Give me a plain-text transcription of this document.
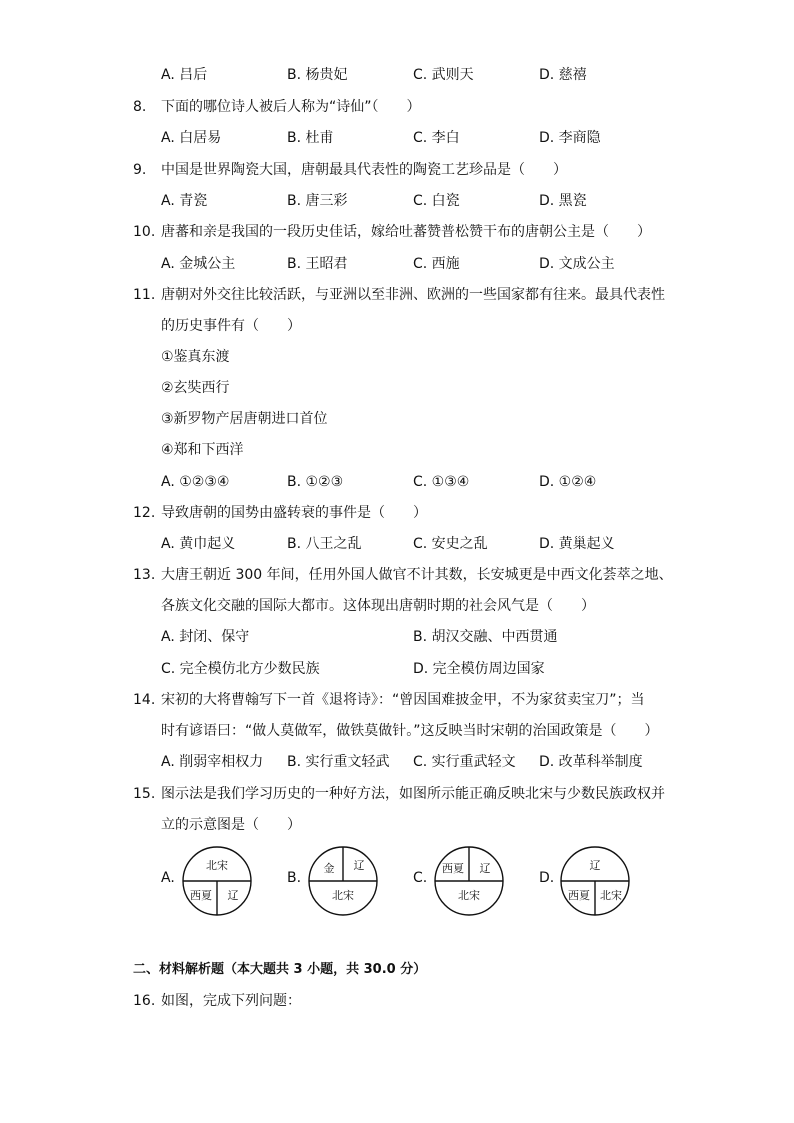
A. 吕后	B. 杨贵妃	C. 武则天	D. 慈禧
8. 下面的哪位诗人被后人称为“诗仙”（　　）
A. 白居易	B. 杜甫	C. 李白	D. 李商隐
9. 中国是世界陶瓷大国，唐朝最具代表性的陶瓷工艺珍品是（　　）
A. 青瓷	B. 唐三彩	C. 白瓷	D. 黑瓷
10. 唐蕃和亲是我国的一段历史佳话，嫁给吐蕃赞普松赞干布的唐朝公主是（　　）
A. 金城公主	B. 王昭君	C. 西施	D. 文成公主
11. 唐朝对外交往比较活跃，与亚洲以至非洲、欧洲的一些国家都有往来。最具代表性
的历史事件有（　　）
①鉴真东渡
②玄奘西行
③新罗物产居唐朝进口首位
④郑和下西洋
A. ①②③④	B. ①②③	C. ①③④	D. ①②④
12. 导致唐朝的国势由盛转衰的事件是（　　）
A. 黄巾起义	B. 八王之乱	C. 安史之乱	D. 黄巢起义
13. 大唐王朝近 300 年间，任用外国人做官不计其数，长安城更是中西文化荟萃之地、
各族文化交融的国际大都市。这体现出唐朝时期的社会风气是（　　）
A. 封闭、保守	B. 胡汉交融、中西贯通
C. 完全模仿北方少数民族	D. 完全模仿周边国家
14. 宋初的大将曹翰写下一首《退将诗》：“曾因国难披金甲，不为家贫卖宝刀”；当
时有谚语曰：“做人莫做军，做铁莫做针。”这反映当时宋朝的治国政策是（　　）
A. 削弱宰相权力 B. 实行重文轻武 C. 实行重武轻文 D. 改革科举制度
15. 图示法是我们学习历史的一种好方法，如图所示能正确反映北宋与少数民族政权并
立的示意图是（　　）
A.
北宋
西夏 辽
B.
金 辽
北宋
C.
西夏 辽
北宋
D.
辽
西夏 北宋
二、材料解析题（本大题共 3 小题，共 30.0 分）
16. 如图，完成下列问题：
